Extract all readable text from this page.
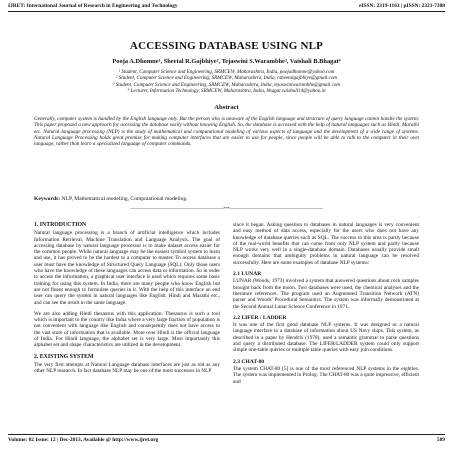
IJRET: International Journal of Research in Engineering and Technology	eISSN: 2319-1163 | pISSN: 2321-7308
ACCESSING DATABASE USING NLP
Pooja A.Dhomne¹, Sheetal R.Gajbhiye², Tejaswini S.Warambhe³, Vaishali B.Bhagat⁴
¹ Student, Computer Science and Engineering, SRMCEW, Maharashtra, India, poojadhomne@yahoo.com
² Student, Computer Science and Engineering, SRMCEW, Maharashtra, India, rsheetalgajbhiye@gmail.com
³ Student, Computer Science and Engineering, SRMCEW, Maharashtra, India, tejaswiniwarambhe@gmail.com
⁴ Lecturer, Information Technology, SRMCEW, Maharashtra, India, bhagat.vaishali14@yahoo.in
Abstract
Generally, computer system is handled by the English language only. But the person who is unaware of the English language and structure of query language cannot handle the system. This paper proposed a new approach for accessing the database easily without knowing English. So, the database is accessed with the help of natural languages such as Hindi, Marathi etc. Natural language processing (NLP) is the study of mathematical and computational modeling of various aspects of language and the development of a wide range of systems. Natural Language Processing holds great promise for making computer interfaces that are easier to use for people, since people will be able to talk to the computer in their own language, rather than learn a specialized language of computer commands.
Keywords: NLP, Mathematical modeling, Computational modeling.
----------------------------------------------------------------------***----------------------------------------------------------------------
1. INTRODUCTION

Natural language processing is a branch of artificial intelligence which includes Information Retrieval, Machine Translation and Language Analysis. The goal of accessing database by natural language processor is to make dataset access easier for the common people. While natural language may be the easiest symbol system to learn and use, it has proved to be the hardest to a computer to master. To access database a user must have the knowledge of Structured Query Language (SQL). Only those users who have the knowledge of these languages can access data or information. So in order to access the information, a graphical user interface is used which requires some basic training for using this system. In India, there are many people who know English but are not fluent enough to formulate queries in it. With the help of this interface an end user can query the system in natural languages like English, Hindi and Marathi etc., and can see the result in the same language.

We are also adding Hindi thesaurus with this application. Thesaurus is such a tool which is important to the country like India where a very large fraction of population is not convenient with language like English and consequently does not have access to the vast store of information that is available. More over Hindi is the official language of India. For Hindi language, the alphabet set is very large. Most importantly this alphabet set and shape characteristics are utilized in the development.

2. EXISTING SYSTEM

The very first attempts at Natural Language database interfaces are just as old as any other NLP research. In fact database NLP may be one of the most successes in NLP

since it began. Asking question to databases in natural languages is very convenient and easy method of data access, especially for the users who does not have any knowledge of database queries such as SQL. The success in this area is partly because of the real-world benefits that can come from only NLP system and partly because NLP works very well in a single-database domain. Databases usually provide small enough domains that ambiguity problems in natural language can be resolved successfully. Here are some examples of database NLP systems:

2.1 LUNAR

LUNAR (Woods, 1973) involved a system that answered questions about rock samples brought back from the moon. Two databases were used, the chemical analyses and the literature references. The program used an Augmented Transition Network (ATN) parser and Woods' Procedural Semantics. The system was informally demonstrated at the Second Annual Lunar Science Conference in 1971.

2.2 LIFER / LADDER

It was one of the first good database NLP systems. It was designed as a natural language interface to a database of information about US Navy ships. This system, as described in a paper by Hendrix (1978), used a semantic grammar to parse questions and query a distributed database. The LIFER/LADDER system could only support simple one-table queries or multiple table queries with easy join conditions.

2.3 CHAT-80

The system CHAT-80 [5] is one of the most referenced NLP systems in the eighties. The system was implemented in Prolog. The CHAT-80 was a quite impressive, efficient and

Volume: 02 Issue: 12 | Dec-2013, Available @ http://www.ijret.org	589
